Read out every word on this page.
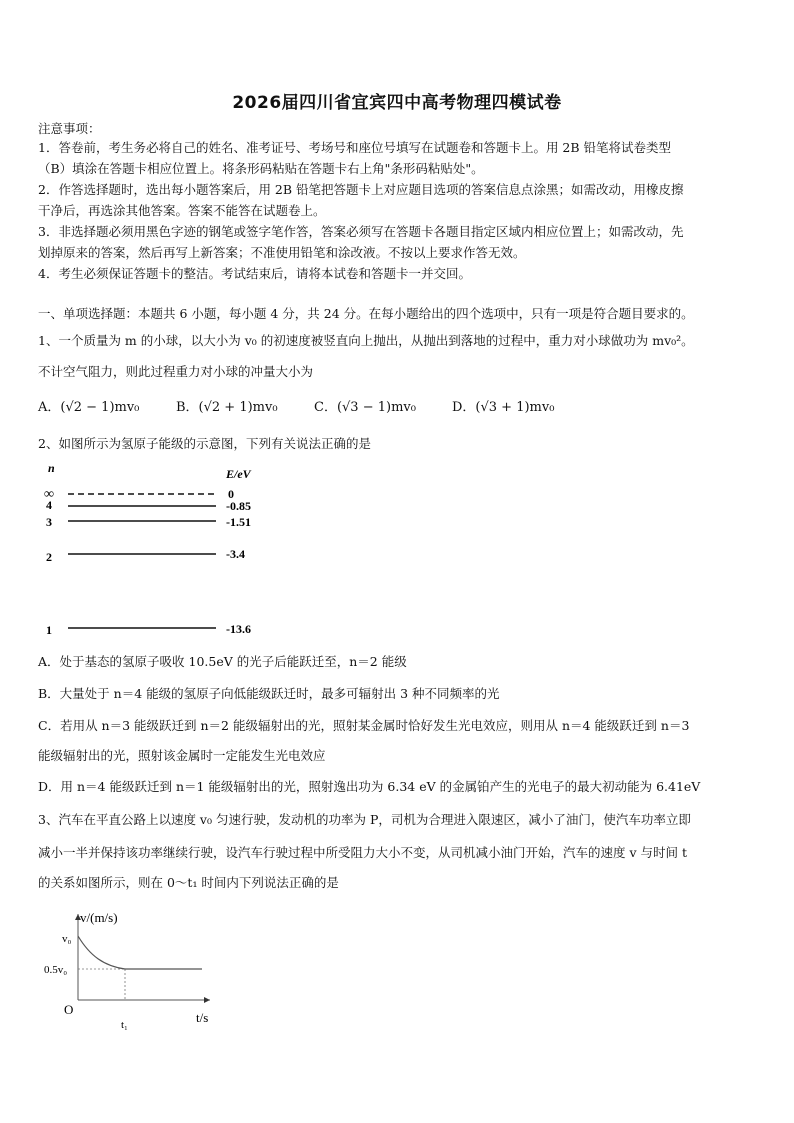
2026届四川省宜宾四中高考物理四模试卷
注意事项：
1．答卷前，考生务必将自己的姓名、准考证号、考场号和座位号填写在试题卷和答题卡上。用 2B 铅笔将试卷类型
（B）填涂在答题卡相应位置上。将条形码粘贴在答题卡右上角"条形码粘贴处"。
2．作答选择题时，选出每小题答案后，用 2B 铅笔把答题卡上对应题目选项的答案信息点涂黑；如需改动，用橡皮擦
干净后，再选涂其他答案。答案不能答在试题卷上。
3．非选择题必须用黑色字迹的钢笔或签字笔作答，答案必须写在答题卡各题目指定区域内相应位置上；如需改动，先
划掉原来的答案，然后再写上新答案；不准使用铅笔和涂改液。不按以上要求作答无效。
4．考生必须保证答题卡的整洁。考试结束后，请将本试卷和答题卡一并交回。
一、单项选择题：本题共 6 小题，每小题 4 分，共 24 分。在每小题给出的四个选项中，只有一项是符合题目要求的。
1、一个质量为 m 的小球，以大小为 v₀ 的初速度被竖直向上抛出，从抛出到落地的过程中，重力对小球做功为 mv₀²。
不计空气阻力，则此过程重力对小球的冲量大小为
A．(√2 − 1)mv₀	B．(√2 + 1)mv₀	C．(√3 − 1)mv₀	D．(√3 + 1)mv₀
2、如图所示为氢原子能级的示意图，下列有关说法正确的是
n	E/eV
∞	0
4	-0.85
3	-1.51
2	-3.4
1	-13.6
A．处于基态的氢原子吸收 10.5eV 的光子后能跃迁至，n＝2 能级
B．大量处于 n＝4 能级的氢原子向低能级跃迁时，最多可辐射出 3 种不同频率的光
C．若用从 n＝3 能级跃迁到 n＝2 能级辐射出的光，照射某金属时恰好发生光电效应，则用从 n＝4 能级跃迁到 n＝3
能级辐射出的光，照射该金属时一定能发生光电效应
D．用 n＝4 能级跃迁到 n＝1 能级辐射出的光，照射逸出功为 6.34 eV 的金属铂产生的光电子的最大初动能为 6.41eV
3、汽车在平直公路上以速度 v₀ 匀速行驶，发动机的功率为 P，司机为合理进入限速区，减小了油门，使汽车功率立即
减小一半并保持该功率继续行驶，设汽车行驶过程中所受阻力大小不变，从司机减小油门开始，汽车的速度 v 与时间 t
的关系如图所示，则在 0～t₁ 时间内下列说法正确的是
v/(m/s)
t/s
O
v₀
0.5v₀
t₁
